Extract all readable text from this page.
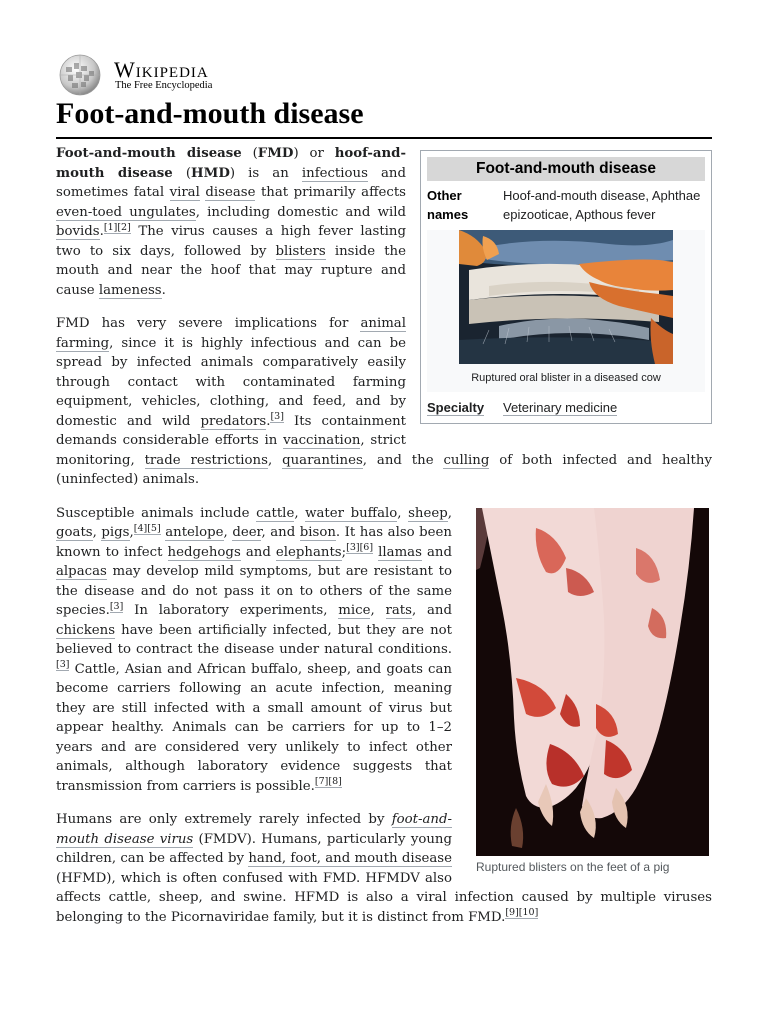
Wikipedia
The Free Encyclopedia
Foot-and-mouth disease
Foot-and-mouth disease
Other names
Hoof-and-mouth disease, Aphthae epizooticae, Apthous fever
Ruptured oral blister in a diseased cow
Specialty	Veterinary medicine

Foot-and-mouth disease (FMD) or hoof-and-mouth disease (HMD) is an infectious and sometimes fatal viral disease that primarily affects even-toed ungulates, including domestic and wild bovids.[1][2] The virus causes a high fever lasting two to six days, followed by blisters inside the mouth and near the hoof that may rupture and cause lameness.

FMD has very severe implications for animal farming, since it is highly infectious and can be spread by infected animals comparatively easily through contact with contaminated farming equipment, vehicles, clothing, and feed, and by domestic and wild predators.[3] Its containment demands considerable efforts in vaccination, strict monitoring, trade restrictions, quarantines, and the culling of both infected and healthy (uninfected) animals.

Ruptured blisters on the feet of a pig

Susceptible animals include cattle, water buffalo, sheep, goats, pigs,[4][5] antelope, deer, and bison. It has also been known to infect hedgehogs and elephants;[3][6] llamas and alpacas may develop mild symptoms, but are resistant to the disease and do not pass it on to others of the same species.[3] In laboratory experiments, mice, rats, and chickens have been artificially infected, but they are not believed to contract the disease under natural conditions.[3] Cattle, Asian and African buffalo, sheep, and goats can become carriers following an acute infection, meaning they are still infected with a small amount of virus but appear healthy. Animals can be carriers for up to 1–2 years and are considered very unlikely to infect other animals, although laboratory evidence suggests that transmission from carriers is possible.[7][8]

Humans are only extremely rarely infected by foot-and-mouth disease virus (FMDV). Humans, particularly young children, can be affected by hand, foot, and mouth disease (HFMD), which is often confused with FMD. HFMDV also affects cattle, sheep, and swine. HFMD is also a viral infection caused by multiple viruses belonging to the Picornaviridae family, but it is distinct from FMD.[9][10]
